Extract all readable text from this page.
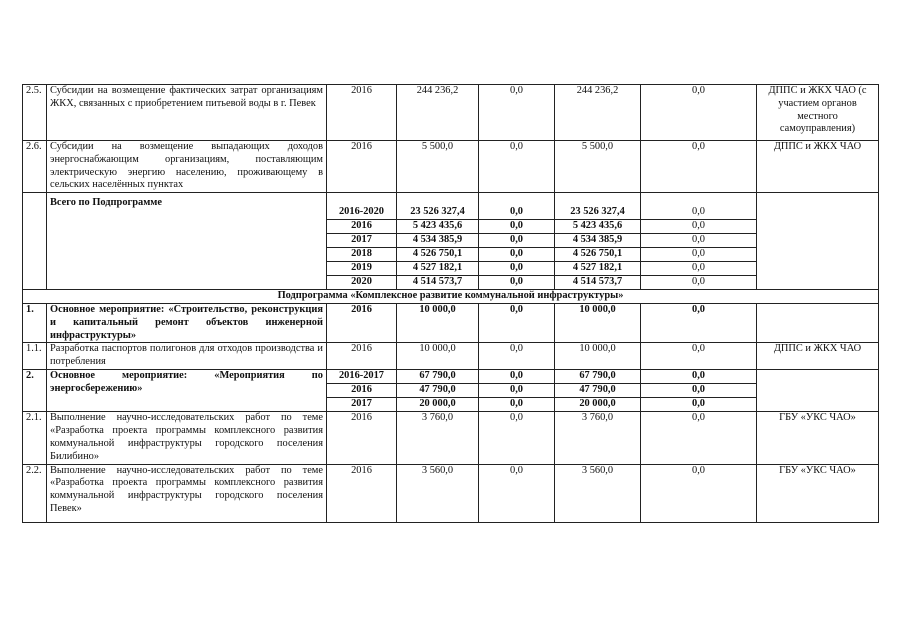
2.5.	Субсидии на возмещение фактических затрат организациям ЖКХ, связанных с приобретением питьевой воды в г. Певек	2016	244 236,2	0,0	244 236,2	0,0	ДППС и ЖКХ ЧАО (с участием органов местного самоуправления)
2.6.	Субсидии на возмещение выпадающих доходов энергоснабжающим организациям, поставляющим электрическую энергию населению, проживающему в сельских населённых пунктах	2016	5 500,0	0,0	5 500,0	0,0	ДППС и ЖКХ ЧАО
	Всего по Подпрограмме						
		2016-2020	23 526 327,4	0,0	23 526 327,4	0,0	
		2016	5 423 435,6	0,0	5 423 435,6	0,0	
		2017	4 534 385,9	0,0	4 534 385,9	0,0	
		2018	4 526 750,1	0,0	4 526 750,1	0,0	
		2019	4 527 182,1	0,0	4 527 182,1	0,0	
		2020	4 514 573,7	0,0	4 514 573,7	0,0	
Подпрограмма «Комплексное развитие коммунальной инфраструктуры»							
1.	Основное мероприятие: «Строительство, реконструкция и капитальный ремонт объектов инженерной инфраструктуры»	2016	10 000,0	0,0	10 000,0	0,0	
1.1.	Разработка паспортов полигонов для отходов производства и потребления	2016	10 000,0	0,0	10 000,0	0,0	ДППС и ЖКХ ЧАО
2.	Основное мероприятие: «Мероприятия по энергосбережению»	2016-2017	67 790,0	0,0	67 790,0	0,0	
		2016	47 790,0	0,0	47 790,0	0,0	
		2017	20 000,0	0,0	20 000,0	0,0	
2.1.	Выполнение научно-исследовательских работ по теме «Разработка проекта программы комплексного развития коммунальной инфраструктуры городского поселения Билибино»	2016	3 760,0	0,0	3 760,0	0,0	ГБУ «УКС ЧАО»
2.2.	Выполнение научно-исследовательских работ по теме «Разработка проекта программы комплексного развития коммунальной инфраструктуры городского поселения Певек»	2016	3 560,0	0,0	3 560,0	0,0	ГБУ «УКС ЧАО»
